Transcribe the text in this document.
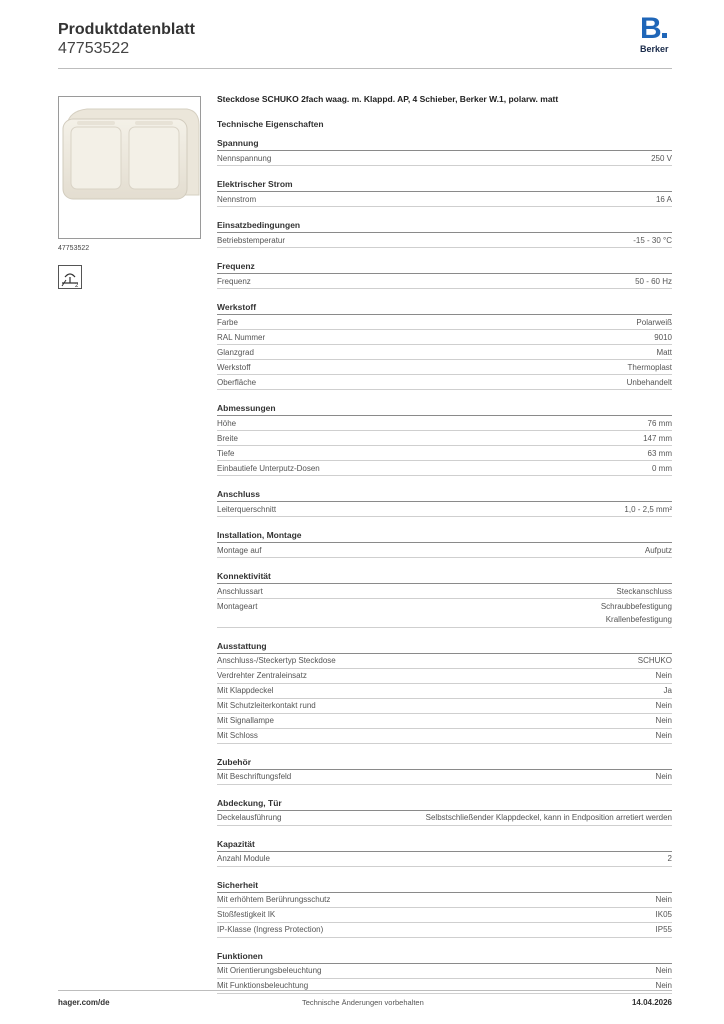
Produktdatenblatt
47753522
B
Berker
47753522
2
Steckdose SCHUKO 2fach waag. m. Klappd. AP, 4 Schieber, Berker W.1, polarw. matt
Technische Eigenschaften
Spannung
Nennspannung	250 V
Elektrischer Strom
Nennstrom	16 A
Einsatzbedingungen
Betriebstemperatur	-15 - 30 °C
Frequenz
Frequenz	50 - 60 Hz
Werkstoff
Farbe	Polarweiß
RAL Nummer	9010
Glanzgrad	Matt
Werkstoff	Thermoplast
Oberfläche	Unbehandelt
Abmessungen
Höhe	76 mm
Breite	147 mm
Tiefe	63 mm
Einbautiefe Unterputz-Dosen	0 mm
Anschluss
Leiterquerschnitt	1,0 - 2,5 mm²
Installation, Montage
Montage auf	Aufputz
Konnektivität
Anschlussart	Steckanschluss
Montageart	Schraubbefestigung
Krallenbefestigung
Ausstattung
Anschluss-/Steckertyp Steckdose	SCHUKO
Verdrehter Zentraleinsatz	Nein
Mit Klappdeckel	Ja
Mit Schutzleiterkontakt rund	Nein
Mit Signallampe	Nein
Mit Schloss	Nein
Zubehör
Mit Beschriftungsfeld	Nein
Abdeckung, Tür
Deckelausführung	Selbstschließender Klappdeckel, kann in Endposition arretiert werden
Kapazität
Anzahl Module	2
Sicherheit
Mit erhöhtem Berührungsschutz	Nein
Stoßfestigkeit IK	IK05
IP-Klasse (Ingress Protection)	IP55
Funktionen
Mit Orientierungsbeleuchtung	Nein
Mit Funktionsbeleuchtung	Nein
hager.com/de	Technische Änderungen vorbehalten	14.04.2026
